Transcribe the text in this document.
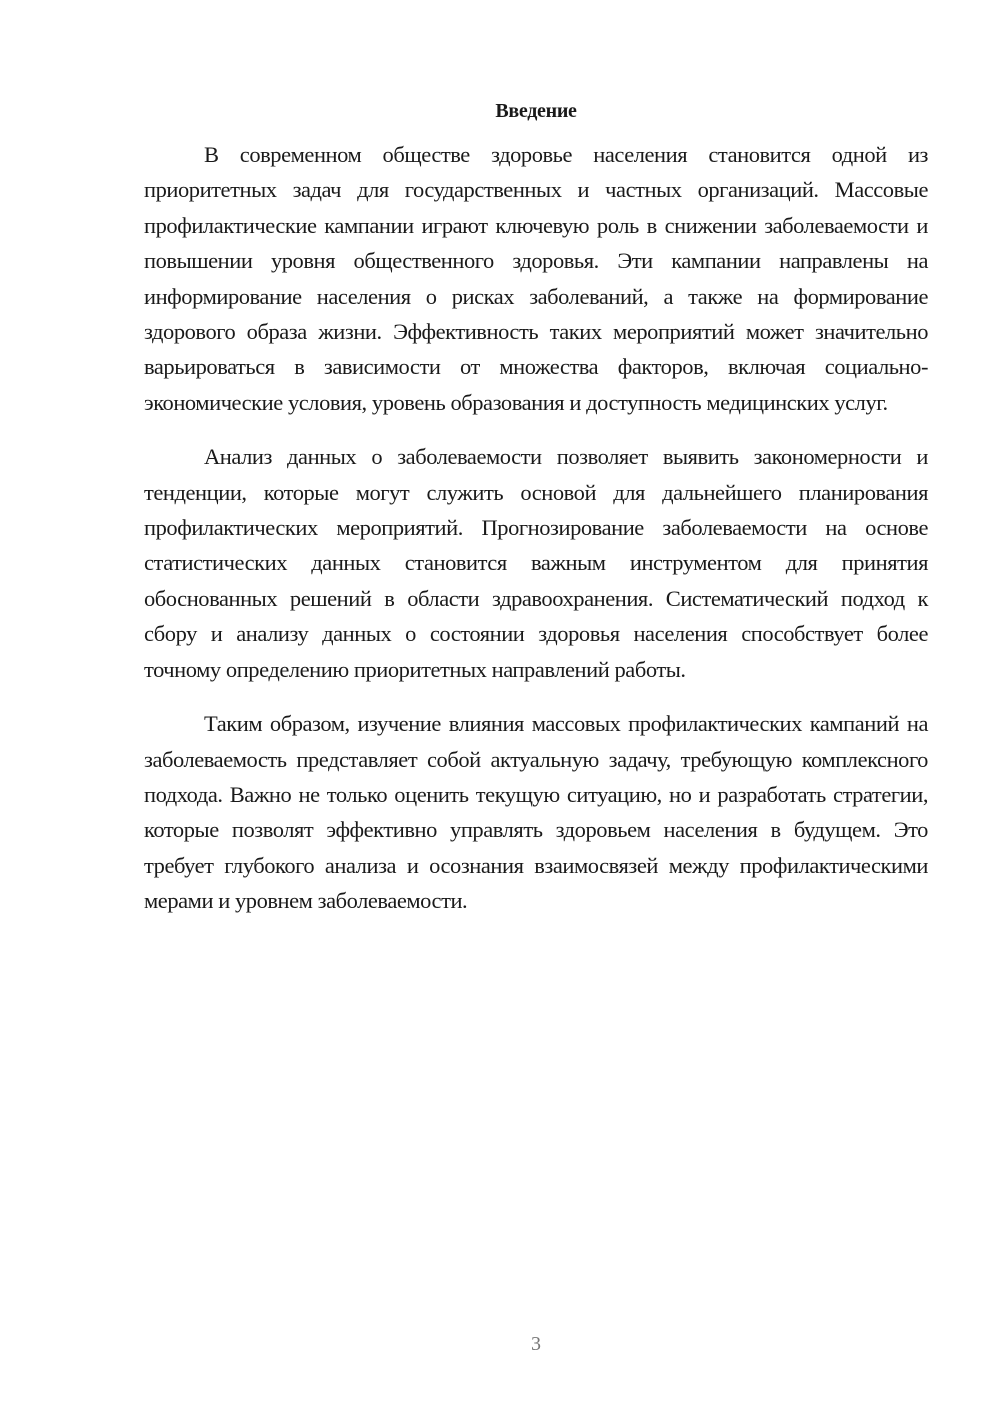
Введение

В современном обществе здоровье населения становится одной из приоритетных задач для государственных и частных организаций. Массовые профилактические кампании играют ключевую роль в снижении заболеваемости и повышении уровня общественного здоровья. Эти кампании направлены на информирование населения о рисках заболеваний, а также на формирование здорового образа жизни. Эффективность таких мероприятий может значительно варьироваться в зависимости от множества факторов, включая социально-экономические условия, уровень образования и доступность медицинских услуг.

Анализ данных о заболеваемости позволяет выявить закономерности и тенденции, которые могут служить основой для дальнейшего планирования профилактических мероприятий. Прогнозирование заболеваемости на основе статистических данных становится важным инструментом для принятия обоснованных решений в области здравоохранения. Систематический подход к сбору и анализу данных о состоянии здоровья населения способствует более точному определению приоритетных направлений работы.

Таким образом, изучение влияния массовых профилактических кампаний на заболеваемость представляет собой актуальную задачу, требующую комплексного подхода. Важно не только оценить текущую ситуацию, но и разработать стратегии, которые позволят эффективно управлять здоровьем населения в будущем. Это требует глубокого анализа и осознания взаимосвязей между профилактическими мерами и уровнем заболеваемости.

3
